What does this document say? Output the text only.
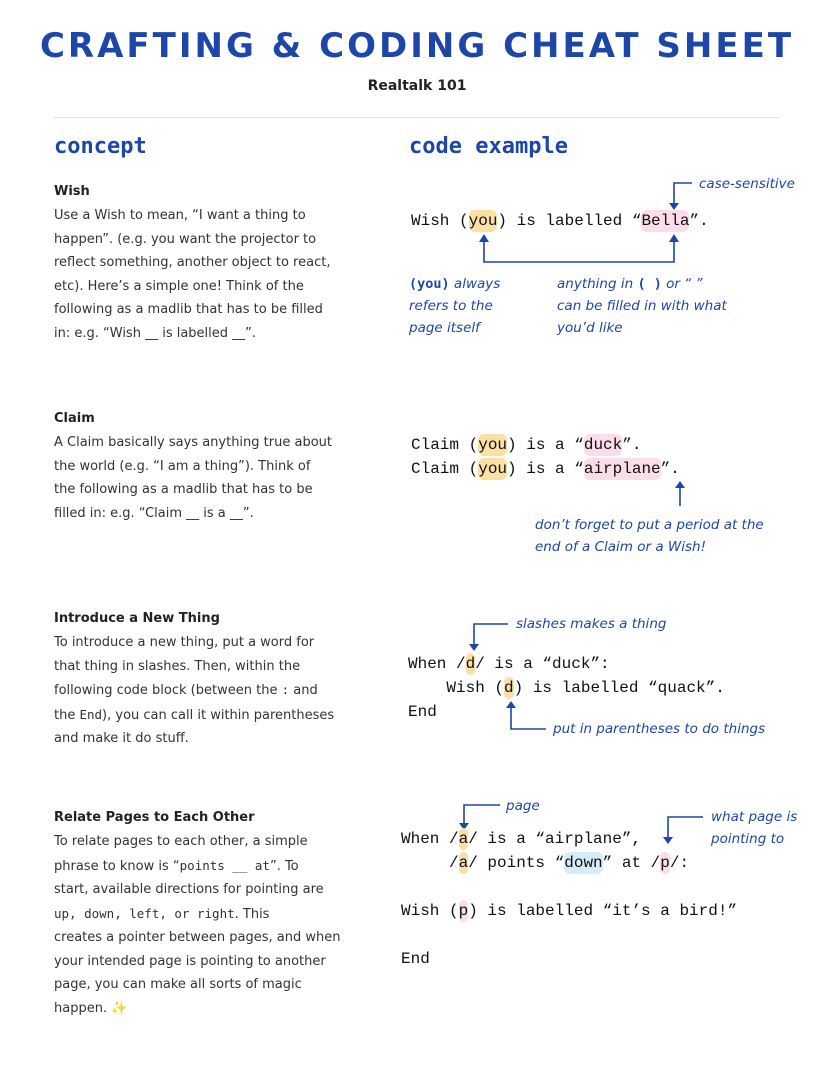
CRAFTING & CODING CHEAT SHEET
Realtalk 101
concept	code example
Wish
Use a Wish to mean, “I want a thing to
happen”. (e.g. you want the projector to
reflect something, another object to react,
etc). Here’s a simple one! Think of the
following as a madlib that has to be filled
in: e.g. “Wish __ is labelled __”.
Wish (you) is labelled “Bella”.
case-sensitive
(you) always
refers to the
page itself
anything in ( ) or “ ”
can be filled in with what
you’d like
Claim
A Claim basically says anything true about
the world (e.g. “I am a thing”). Think of
the following as a madlib that has to be
filled in: e.g. “Claim __ is a __”.
Claim (you) is a “duck”.
Claim (you) is a “airplane”.
don’t forget to put a period at the
end of a Claim or a Wish!
Introduce a New Thing
To introduce a new thing, put a word for
that thing in slashes. Then, within the
following code block (between the : and
the End), you can call it within parentheses
and make it do stuff.
When /d/ is a “duck”:
Wish (d) is labelled “quack”.
End
slashes makes a thing
put in parentheses to do things
Relate Pages to Each Other
To relate pages to each other, a simple
phrase to know is “points __ at”. To
start, available directions for pointing are
up, down, left, or right. This
creates a pointer between pages, and when
your intended page is pointing to another
page, you can make all sorts of magic
happen. ✨
When /a/ is a “airplane”,
/a/ points “down” at /p/:

Wish (p) is labelled “it’s a bird!”

End
page
what page is
pointing to
